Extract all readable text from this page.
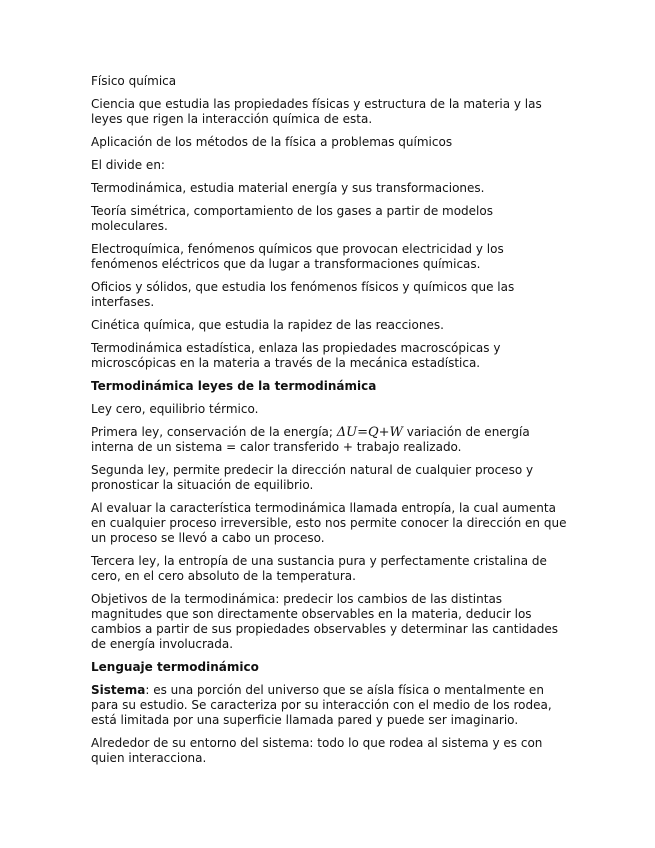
Físico química

Ciencia que estudia las propiedades físicas y estructura de la materia y las leyes que rigen la interacción química de esta.

Aplicación de los métodos de la física a problemas químicos

El divide en:

Termodinámica, estudia material energía y sus transformaciones.

Teoría simétrica, comportamiento de los gases a partir de modelos moleculares.

Electroquímica, fenómenos químicos que provocan electricidad y los fenómenos eléctricos que da lugar a transformaciones químicas.

Oficios y sólidos, que estudia los fenómenos físicos y químicos que las interfases.

Cinética química, que estudia la rapidez de las reacciones.

Termodinámica estadística, enlaza las propiedades macroscópicas y microscópicas en la materia a través de la mecánica estadística.

Termodinámica leyes de la termodinámica

Ley cero, equilibrio térmico.

Primera ley, conservación de la energía; ΔU=Q+W variación de energía interna de un sistema = calor transferido + trabajo realizado.

Segunda ley, permite predecir la dirección natural de cualquier proceso y pronosticar la situación de equilibrio.

Al evaluar la característica termodinámica llamada entropía, la cual aumenta en cualquier proceso irreversible, esto nos permite conocer la dirección en que un proceso se llevó a cabo un proceso.

Tercera ley, la entropía de una sustancia pura y perfectamente cristalina de cero, en el cero absoluto de la temperatura.

Objetivos de la termodinámica: predecir los cambios de las distintas magnitudes que son directamente observables en la materia, deducir los cambios a partir de sus propiedades observables y determinar las cantidades de energía involucrada.

Lenguaje termodinámico

Sistema: es una porción del universo que se aísla física o mentalmente en para su estudio. Se caracteriza por su interacción con el medio de los rodea, está limitada por una superficie llamada pared y puede ser imaginario.

Alrededor de su entorno del sistema: todo lo que rodea al sistema y es con quien interacciona.
